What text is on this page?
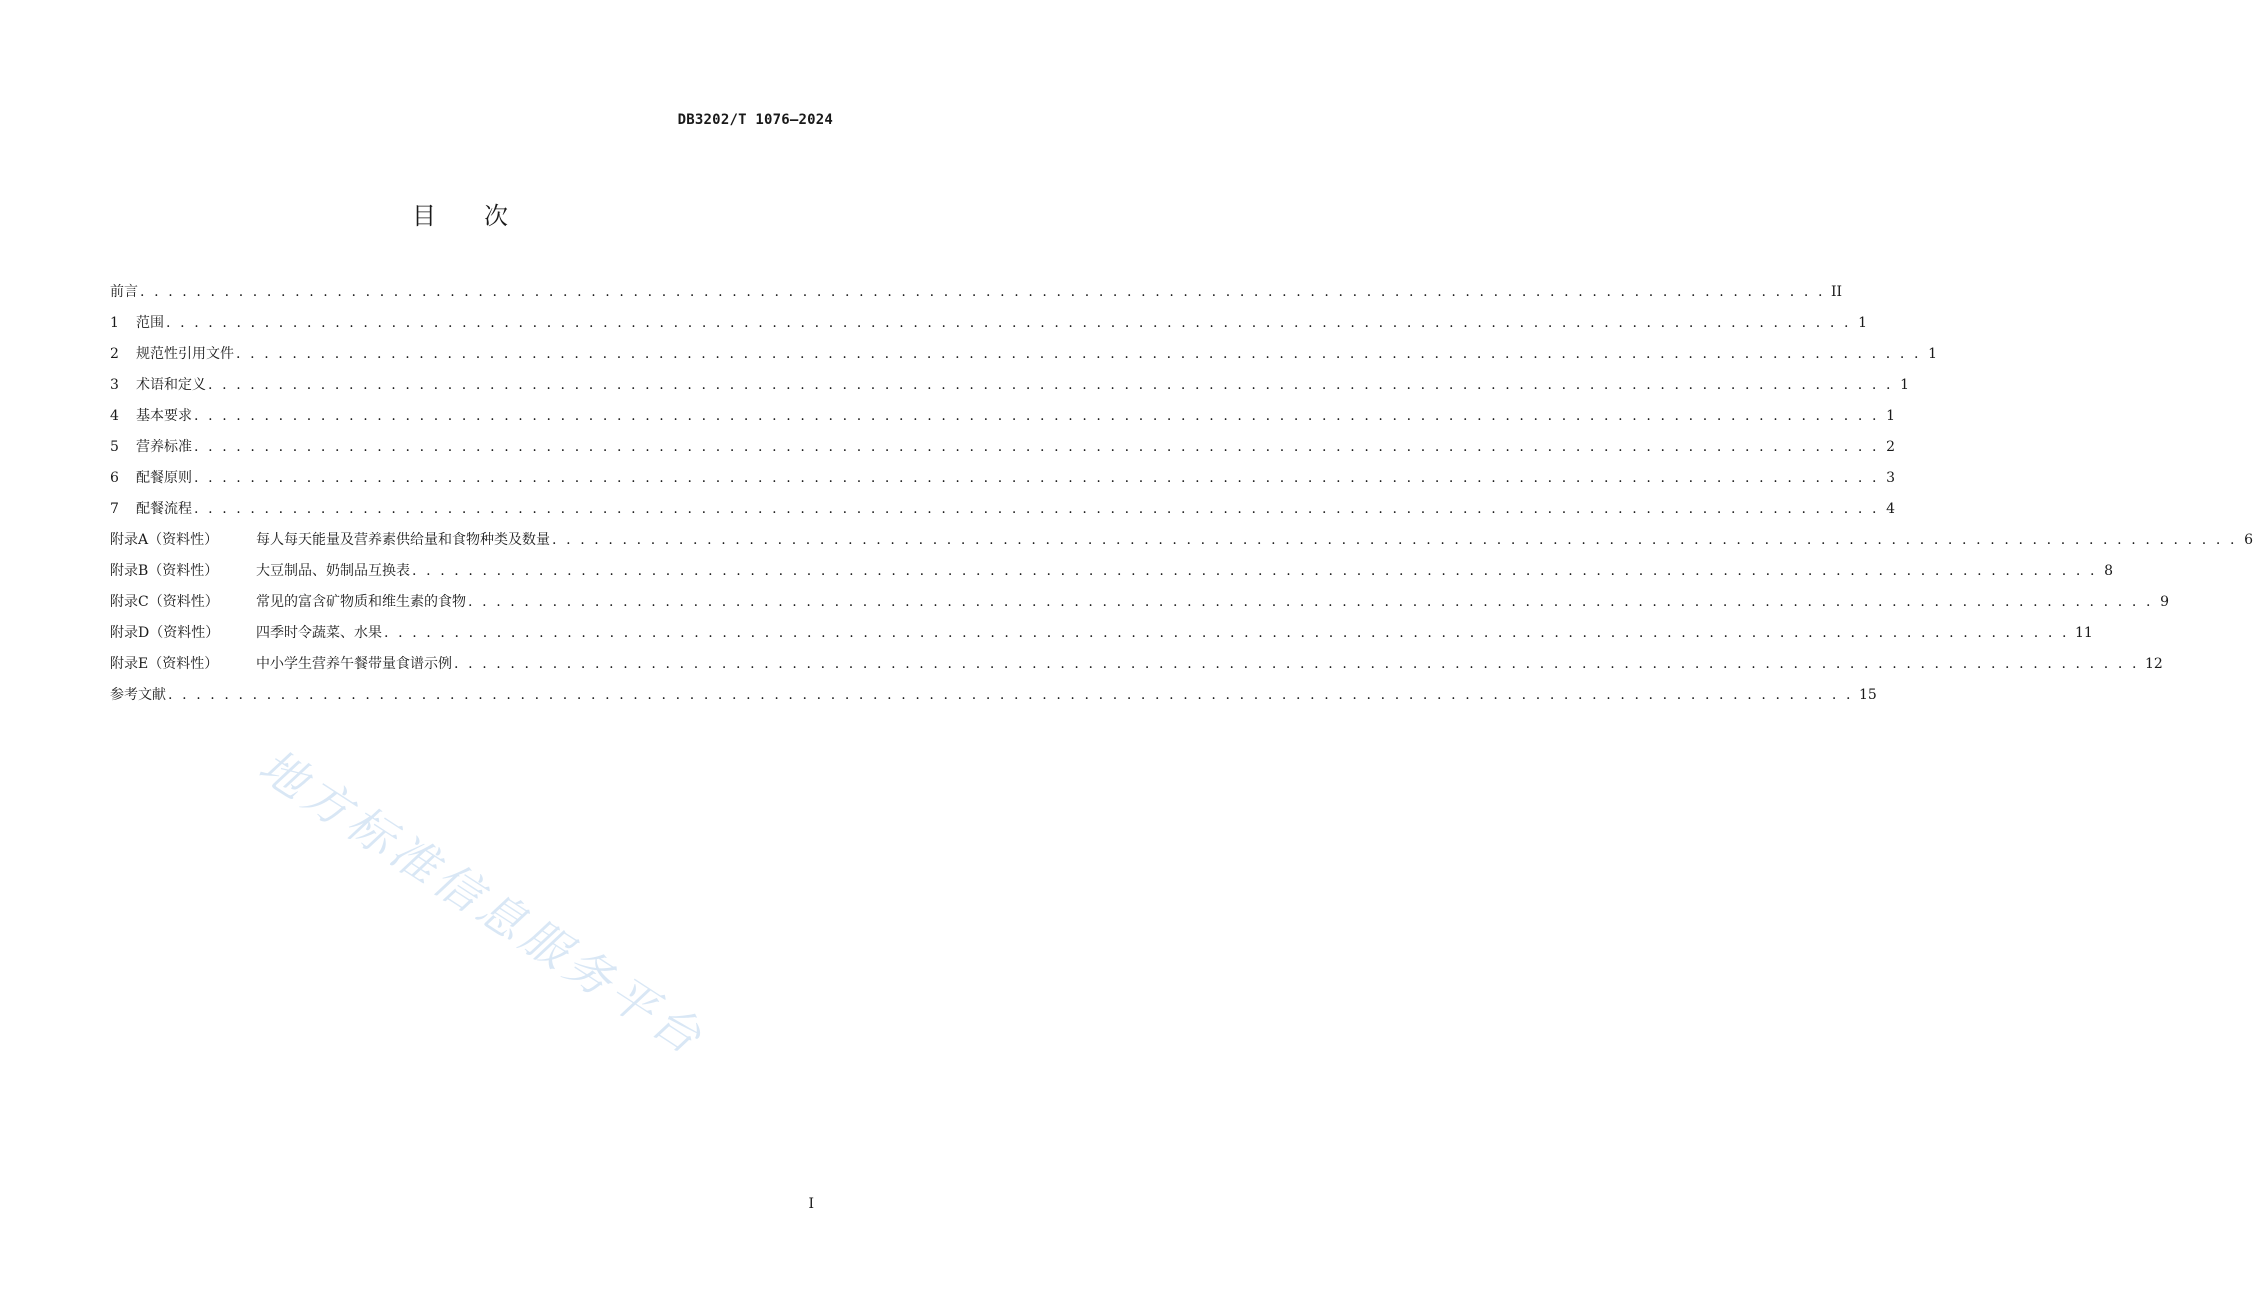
DB3202/T 1076—2024
目次
前言 . . . . . . . . . . . . . . . . . . . . . . . . . . . . . . . . . . . . . . . . . . . . . . . . . . . . . . . . . . . . . . . . . . . . . . . . . . . . . . . . . . . . . . . . . . . . . . . . . . . . . . . . . . . . . . . . . . . . . . . . II
1 范围 . . . . . . . . . . . . . . . . . . . . . . . . . . . . . . . . . . . . . . . . . . . . . . . . . . . . . . . . . . . . . . . . . . . . . . . . . . . . . . . . . . . . . . . . . . . . . . . . . . . . . . . . . . . . . . . . . . . . . . . . 1
2 规范性引用文件 . . . . . . . . . . . . . . . . . . . . . . . . . . . . . . . . . . . . . . . . . . . . . . . . . . . . . . . . . . . . . . . . . . . . . . . . . . . . . . . . . . . . . . . . . . . . . . . . . . . . . . . . . . . . . . . . . . . . . . . . 1
3 术语和定义 . . . . . . . . . . . . . . . . . . . . . . . . . . . . . . . . . . . . . . . . . . . . . . . . . . . . . . . . . . . . . . . . . . . . . . . . . . . . . . . . . . . . . . . . . . . . . . . . . . . . . . . . . . . . . . . . . . . . . . . . 1
4 基本要求 . . . . . . . . . . . . . . . . . . . . . . . . . . . . . . . . . . . . . . . . . . . . . . . . . . . . . . . . . . . . . . . . . . . . . . . . . . . . . . . . . . . . . . . . . . . . . . . . . . . . . . . . . . . . . . . . . . . . . . . . 1
5 营养标准 . . . . . . . . . . . . . . . . . . . . . . . . . . . . . . . . . . . . . . . . . . . . . . . . . . . . . . . . . . . . . . . . . . . . . . . . . . . . . . . . . . . . . . . . . . . . . . . . . . . . . . . . . . . . . . . . . . . . . . . . 2
6 配餐原则 . . . . . . . . . . . . . . . . . . . . . . . . . . . . . . . . . . . . . . . . . . . . . . . . . . . . . . . . . . . . . . . . . . . . . . . . . . . . . . . . . . . . . . . . . . . . . . . . . . . . . . . . . . . . . . . . . . . . . . . . 3
7 配餐流程 . . . . . . . . . . . . . . . . . . . . . . . . . . . . . . . . . . . . . . . . . . . . . . . . . . . . . . . . . . . . . . . . . . . . . . . . . . . . . . . . . . . . . . . . . . . . . . . . . . . . . . . . . . . . . . . . . . . . . . . . 4
附录A（资料性）	每人每天能量及营养素供给量和食物种类及数量 . . . . . . . . . . . . . . . . . . . . . . . . . . . . . . . . . . . . . . . . . . . . . . . . . . . . . . . . . . . . . . . . . . . . . . . . . . . . . . . . . . . . . . . . . . . . . . . . . . . . . . . . . . . . . . . . . . . . . . . . 6
附录B（资料性）	大豆制品、奶制品互换表 . . . . . . . . . . . . . . . . . . . . . . . . . . . . . . . . . . . . . . . . . . . . . . . . . . . . . . . . . . . . . . . . . . . . . . . . . . . . . . . . . . . . . . . . . . . . . . . . . . . . . . . . . . . . . . . . . . . . . . . . 8
附录C（资料性）	常见的富含矿物质和维生素的食物 . . . . . . . . . . . . . . . . . . . . . . . . . . . . . . . . . . . . . . . . . . . . . . . . . . . . . . . . . . . . . . . . . . . . . . . . . . . . . . . . . . . . . . . . . . . . . . . . . . . . . . . . . . . . . . . . . . . . . . . . 9
附录D（资料性）	四季时令蔬菜、水果 . . . . . . . . . . . . . . . . . . . . . . . . . . . . . . . . . . . . . . . . . . . . . . . . . . . . . . . . . . . . . . . . . . . . . . . . . . . . . . . . . . . . . . . . . . . . . . . . . . . . . . . . . . . . . . . . . . . . . . . . 11
附录E（资料性）	中小学生营养午餐带量食谱示例 . . . . . . . . . . . . . . . . . . . . . . . . . . . . . . . . . . . . . . . . . . . . . . . . . . . . . . . . . . . . . . . . . . . . . . . . . . . . . . . . . . . . . . . . . . . . . . . . . . . . . . . . . . . . . . . . . . . . . . . . 12
参考文献 . . . . . . . . . . . . . . . . . . . . . . . . . . . . . . . . . . . . . . . . . . . . . . . . . . . . . . . . . . . . . . . . . . . . . . . . . . . . . . . . . . . . . . . . . . . . . . . . . . . . . . . . . . . . . . . . . . . . . . . . 15
地方标准信息服务平台
I
